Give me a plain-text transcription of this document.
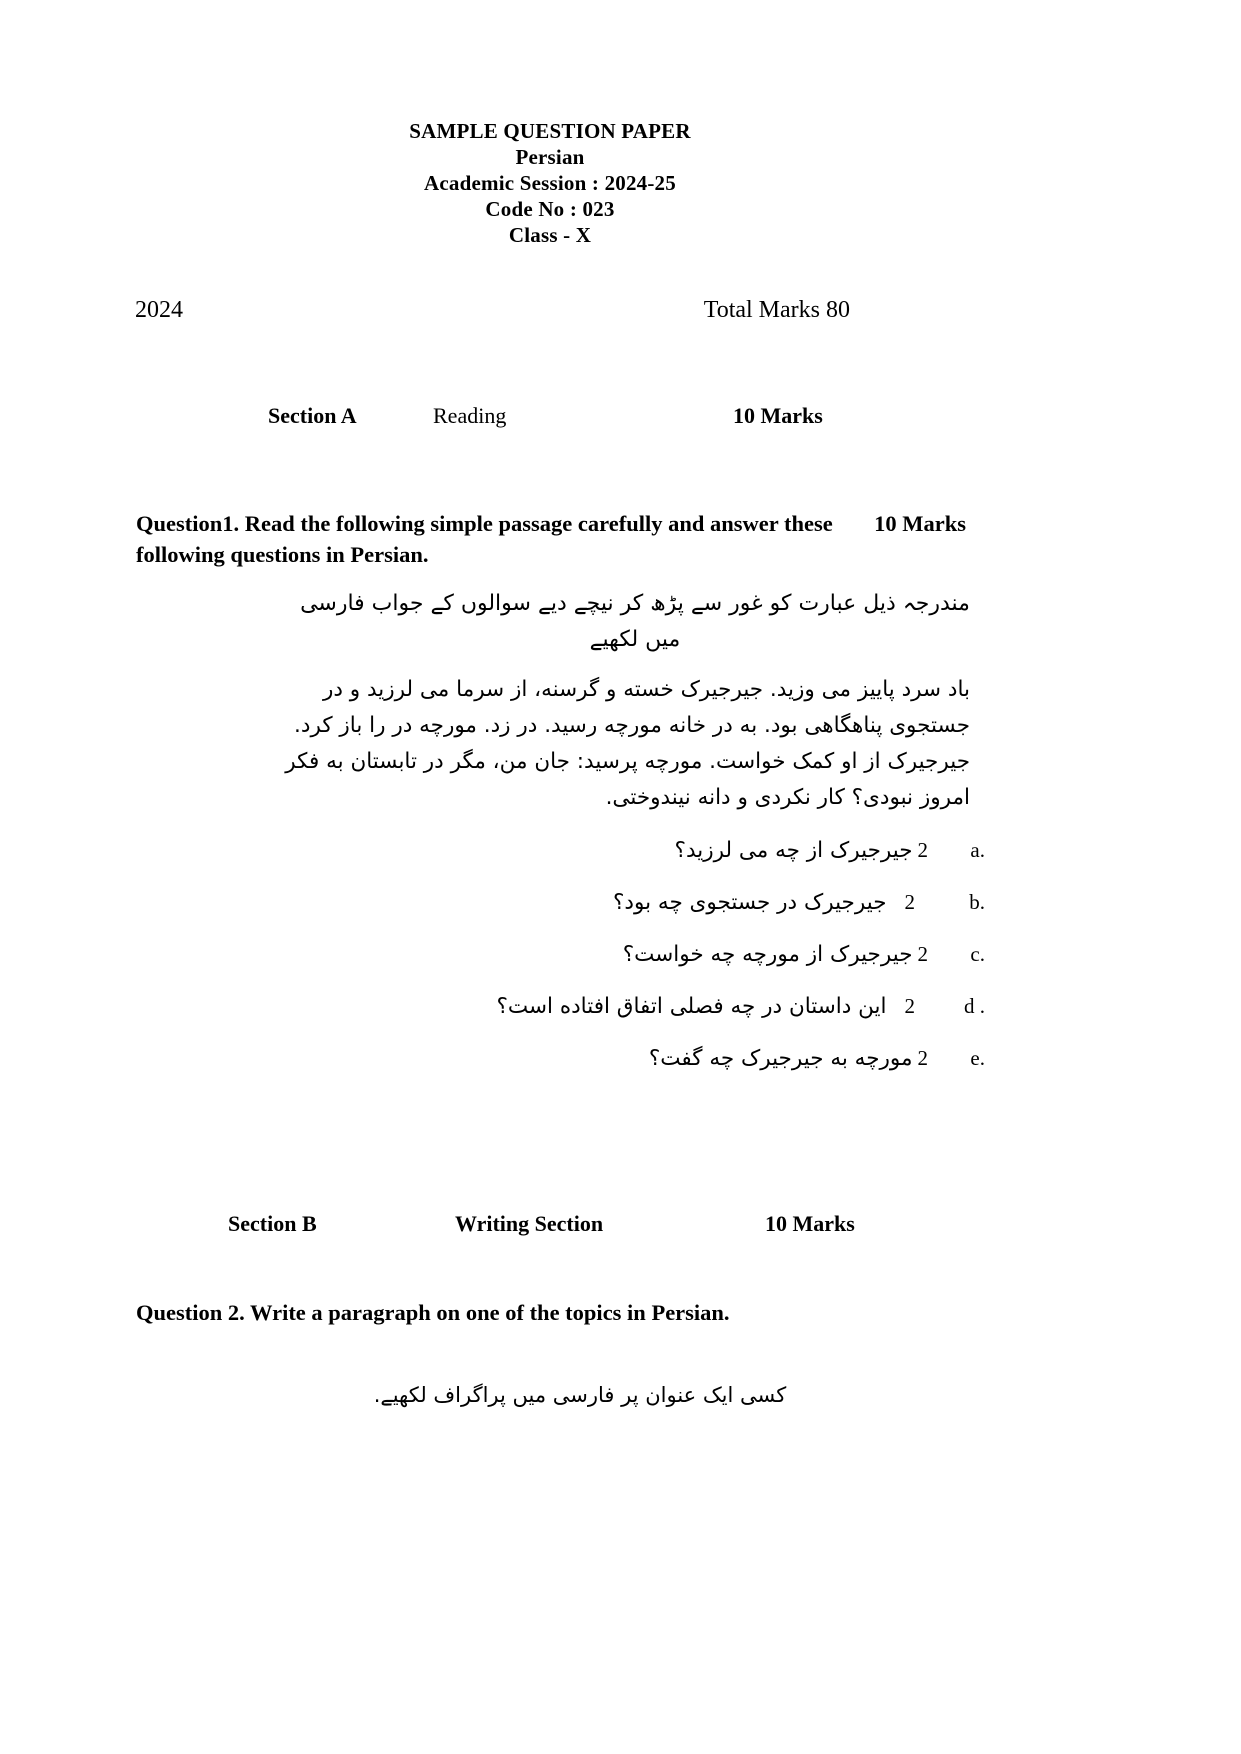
SAMPLE QUESTION PAPER
Persian
Academic Session : 2024-25
Code No : 023
Class - X
2024	Total Marks 80
Section A	Reading	10 Marks
10 Marks
Question1. Read the following simple passage carefully and answer these following questions in Persian.
مندرجہ ذیل عبارت کو غور سے پڑھ کر نیچے دیے سوالوں کے جواب فارسی میں لکھیے
باد سرد پاییز می وزید. جیرجیرک خسته و گرسنه، از سرما می لرزید و در جستجوی پناهگاهی بود. به در خانه مورچه رسید. در زد. مورچه در را باز کرد. جیرجیرک از او کمک خواست. مورچه پرسید: جان من، مگر در تابستان به فکر امروز نبودی؟ کار نکردی و دانه نیندوختی.
جیرجیرک از چه می لرزید؟ 2	a.
جیرجیرک در جستجوی چه بود؟ 2	b.
جیرجیرک از مورچه چه خواست؟ 2	c.
این داستان در چه فصلی اتفاق افتاده است؟ 2	d .
مورچه به جیرجیرک چه گفت؟ 2	e.
Section B	Writing Section	10 Marks
Question 2. Write a paragraph on one of the topics in Persian.
کسی ایک عنوان پر فارسی میں پراگراف لکھیے.
